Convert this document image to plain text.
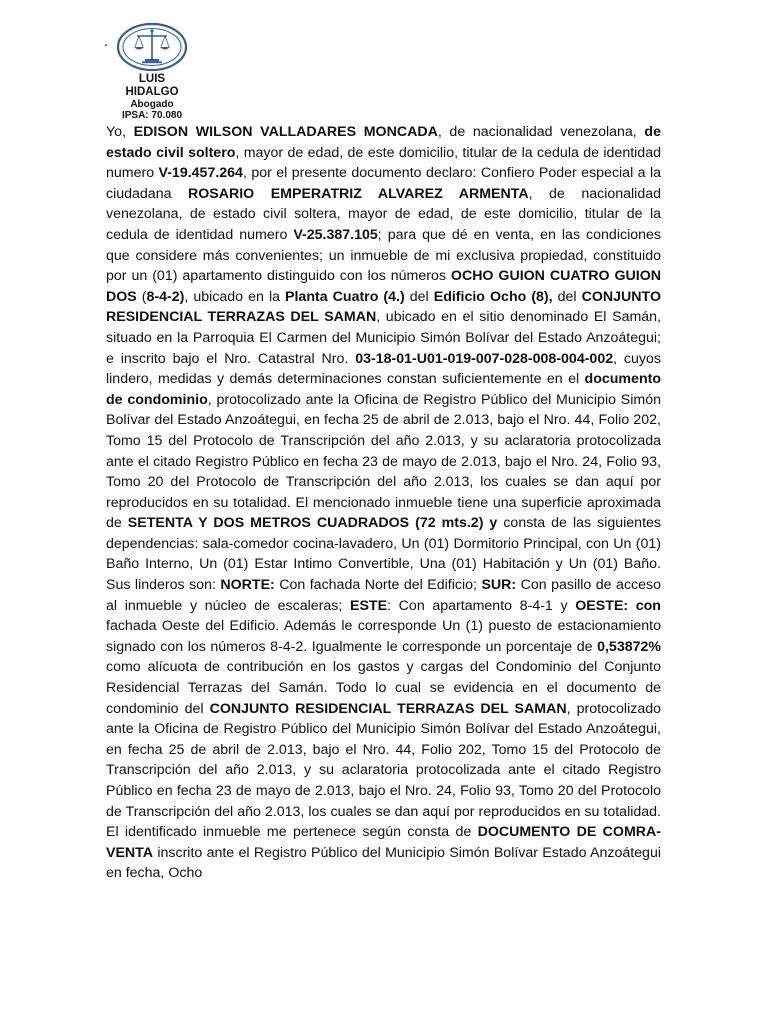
.
LUIS HIDALGO
Abogado
IPSA: 70.080

Yo, EDISON WILSON VALLADARES MONCADA, de nacionalidad venezolana, de estado civil soltero, mayor de edad, de este domicilio, titular de la cedula de identidad numero V-19.457.264, por el presente documento declaro: Confiero Poder especial a la ciudadana ROSARIO EMPERATRIZ ALVAREZ ARMENTA, de nacionalidad venezolana, de estado civil soltera, mayor de edad, de este domicilio, titular de la cedula de identidad numero V-25.387.105; para que dé en venta, en las condiciones que considere más convenientes; un inmueble de mi exclusiva propiedad, constituido por un (01) apartamento distinguido con los números OCHO GUION CUATRO GUION DOS (8-4-2), ubicado en la Planta Cuatro (4.) del Edificio Ocho (8), del CONJUNTO RESIDENCIAL TERRAZAS DEL SAMAN, ubicado en el sitio denominado El Samán, situado en la Parroquia El Carmen del Municipio Simón Bolívar del Estado Anzoátegui; e inscrito bajo el Nro. Catastral Nro. 03-18-01-U01-019-007-028-008-004-002, cuyos lindero, medidas y demás determinaciones constan suficientemente en el documento de condominio, protocolizado ante la Oficina de Registro Público del Municipio Simón Bolívar del Estado Anzoátegui, en fecha 25 de abril de 2.013, bajo el Nro. 44, Folio 202, Tomo 15 del Protocolo de Transcripción del año 2.013, y su aclaratoria protocolizada ante el citado Registro Público en fecha 23 de mayo de 2.013, bajo el Nro. 24, Folio 93, Tomo 20 del Protocolo de Transcripción del año 2.013, los cuales se dan aquí por reproducidos en su totalidad. El mencionado inmueble tiene una superficie aproximada de SETENTA Y DOS METROS CUADRADOS (72 mts.2) y consta de las siguientes dependencias: sala-comedor cocina-lavadero, Un (01) Dormitorio Principal, con Un (01) Baño Interno, Un (01) Estar Intimo Convertible, Una (01) Habitación y Un (01) Baño. Sus linderos son: NORTE: Con fachada Norte del Edificio; SUR: Con pasillo de acceso al inmueble y núcleo de escaleras; ESTE: Con apartamento 8-4-1 y OESTE: con fachada Oeste del Edificio. Además le corresponde Un (1) puesto de estacionamiento signado con los números 8-4-2. Igualmente le corresponde un porcentaje de 0,53872% como alícuota de contribución en los gastos y cargas del Condominio del Conjunto Residencial Terrazas del Samán. Todo lo cual se evidencia en el documento de condominio del CONJUNTO RESIDENCIAL TERRAZAS DEL SAMAN, protocolizado ante la Oficina de Registro Público del Municipio Simón Bolívar del Estado Anzoátegui, en fecha 25 de abril de 2.013, bajo el Nro. 44, Folio 202, Tomo 15 del Protocolo de Transcripción del año 2.013, y su aclaratoria protocolizada ante el citado Registro Público en fecha 23 de mayo de 2.013, bajo el Nro. 24, Folio 93, Tomo 20 del Protocolo de Transcripción del año 2.013, los cuales se dan aquí por reproducidos en su totalidad. El identificado inmueble me pertenece según consta de DOCUMENTO DE COMRA-VENTA inscrito ante el Registro Público del Municipio Simón Bolívar Estado Anzoátegui en fecha, Ocho
